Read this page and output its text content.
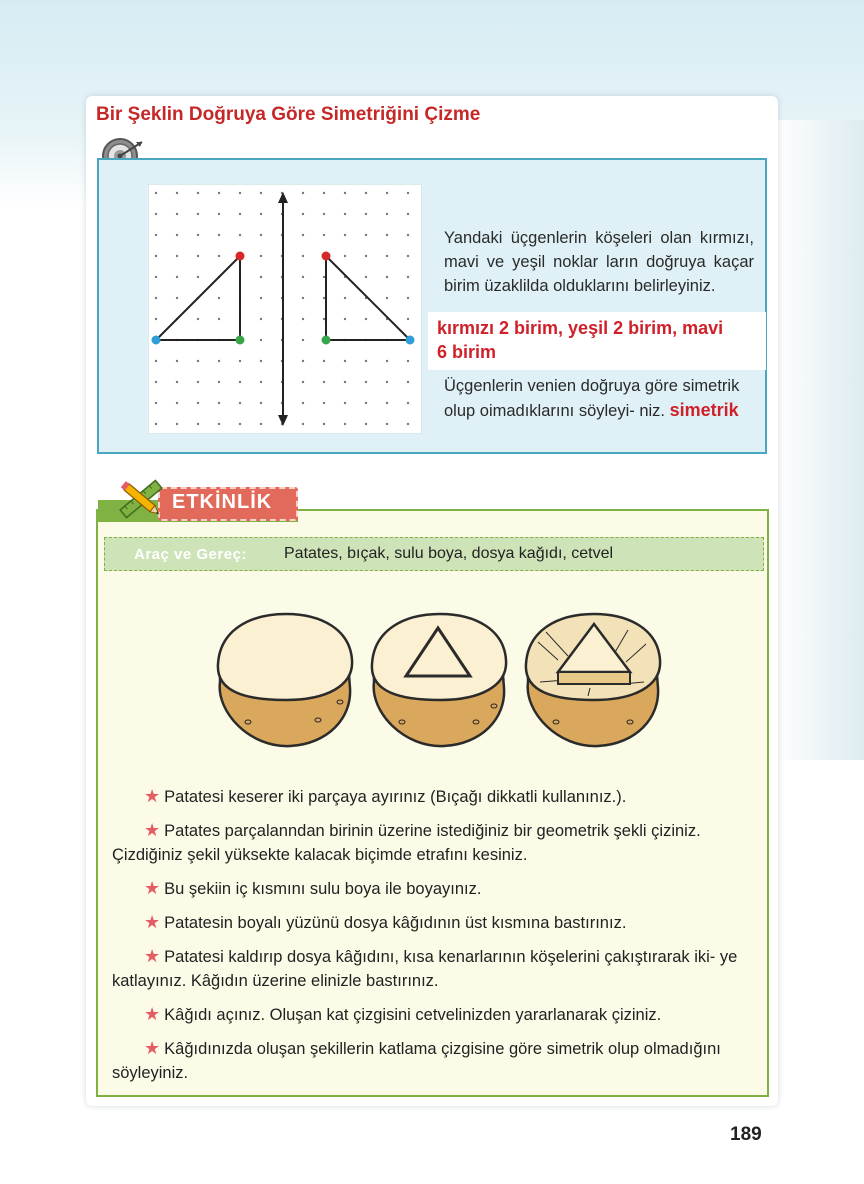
Bir Şeklin Doğruya Göre Simetriğini Çizme

Yandaki üçgenlerin köşeleri olan kırmızı, mavi ve yeşil noklar ların doğruya kaçar birim üzaklilda olduklarını belirleyiniz.

kırmızı 2 birim, yeşil 2 birim, mavi
6 birim

Üçgenlerin venien doğruya göre simetrik olup oimadıklarını söyleyi- niz. simetrik

ETKİNLİK

Araç ve Gereç: Patates, bıçak, sulu boya, dosya kağıdı, cetvel

★ Patatesi keserer iki parçaya ayırınız (Bıçağı dikkatli kullanınız.).
★ Patates parçalanndan birinin üzerine istediğiniz bir geometrik şekli çiziniz. Çizdiğiniz şekil yüksekte kalacak biçimde etrafını kesiniz.
★ Bu şekiin iç kısmını sulu boya ile boyayınız.
★ Patatesin boyalı yüzünü dosya kâğıdının üst kısmına bastırınız.
★ Patatesi kaldırıp dosya kâğıdını, kısa kenarlarının köşelerini çakıştırarak iki- ye katlayınız. Kâğıdın üzerine elinizle bastırınız.
★ Kâğıdı açınız. Oluşan kat çizgisini cetvelinizden yararlanarak çiziniz.
★ Kâğıdınızda oluşan şekillerin katlama çizgisine göre simetrik olup olmadığını söyleyiniz.

189
